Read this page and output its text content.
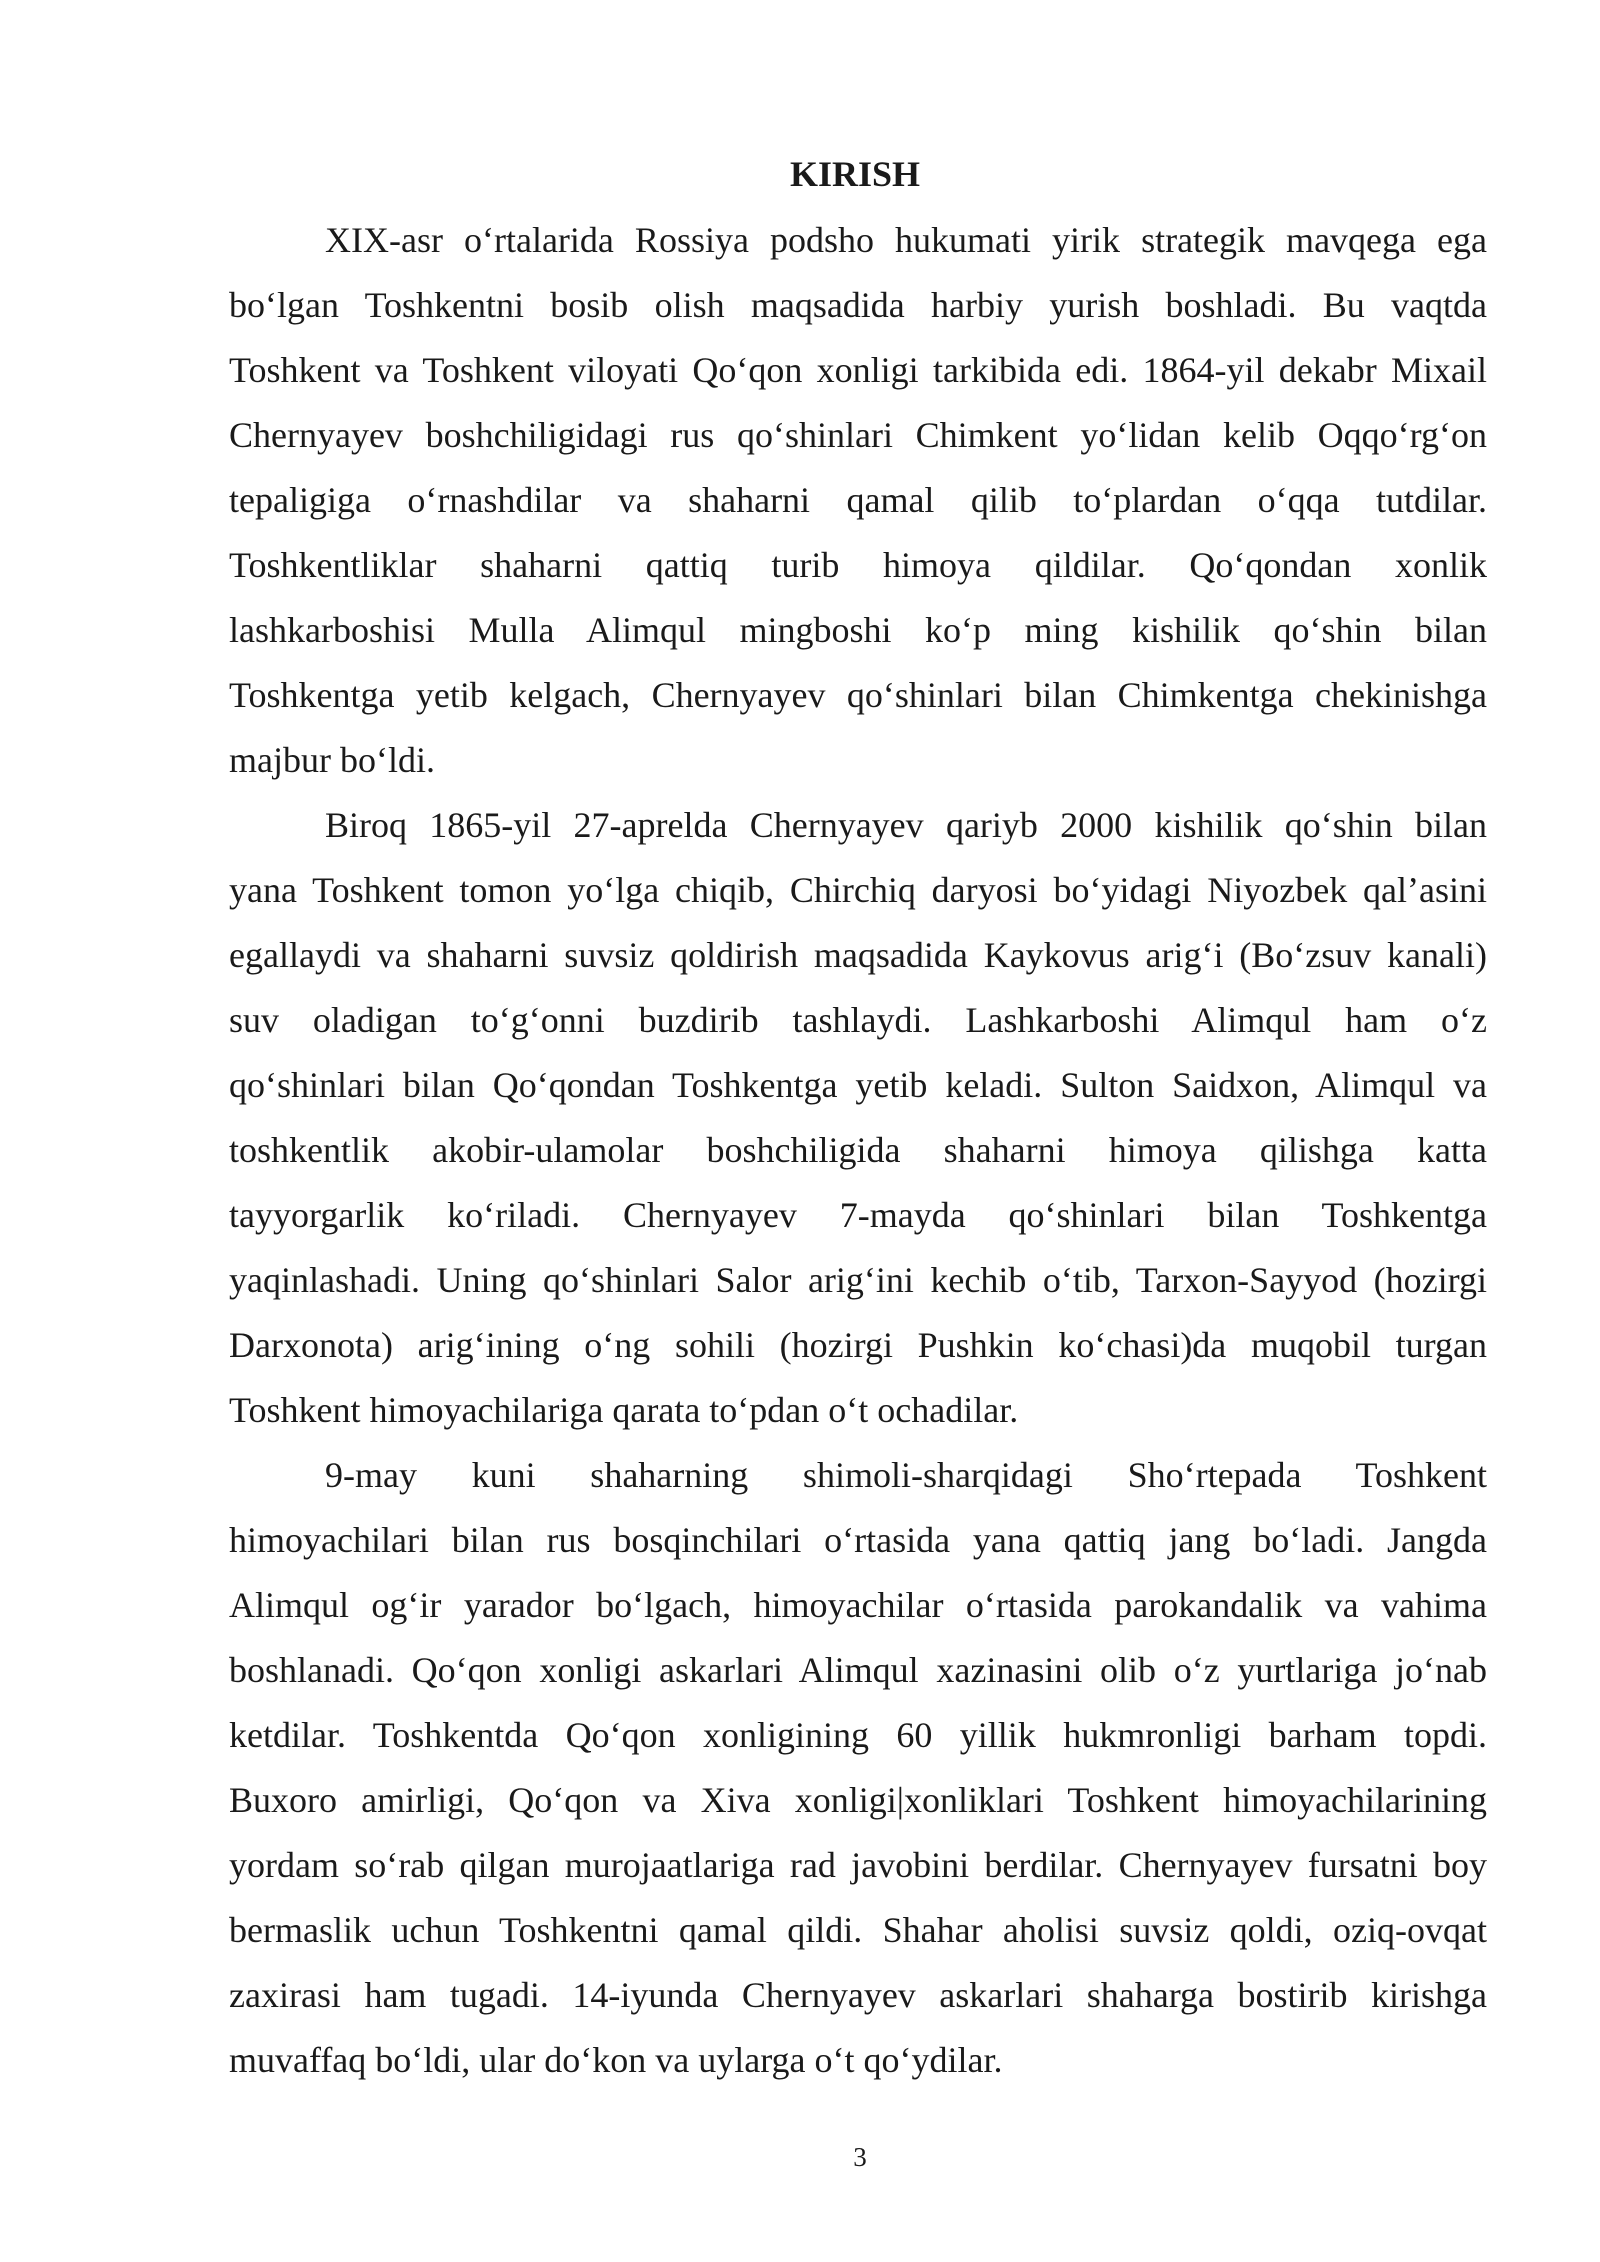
KIRISH
XIX-asr oʻrtalarida Rossiya podsho hukumati yirik strategik mavqega ega
boʻlgan Toshkentni bosib olish maqsadida harbiy yurish boshladi. Bu vaqtda
Toshkent va Toshkent viloyati Qoʻqon xonligi tarkibida edi. 1864-yil dekabr Mixail
Chernyayev boshchiligidagi rus qoʻshinlari Chimkent yoʻlidan kelib Oqqoʻrgʻon
tepaligiga oʻrnashdilar va shaharni qamal qilib toʻplardan oʻqqa tutdilar.
Toshkentliklar shaharni qattiq turib himoya qildilar. Qoʻqondan xonlik
lashkarboshisi Mulla Alimqul mingboshi koʻp ming kishilik qoʻshin bilan
Toshkentga yetib kelgach, Chernyayev qoʻshinlari bilan Chimkentga chekinishga
majbur boʻldi.
Biroq 1865-yil 27-aprelda Chernyayev qariyb 2000 kishilik qoʻshin bilan
yana Toshkent tomon yoʻlga chiqib, Chirchiq daryosi boʻyidagi Niyozbek qalʼasini
egallaydi va shaharni suvsiz qoldirish maqsadida Kaykovus arigʻi (Boʻzsuv kanali)
suv oladigan toʻgʻonni buzdirib tashlaydi. Lashkarboshi Alimqul ham oʻz
qoʻshinlari bilan Qoʻqondan Toshkentga yetib keladi. Sulton Saidxon, Alimqul va
toshkentlik akobir-ulamolar boshchiligida shaharni himoya qilishga katta
tayyorgarlik koʻriladi. Chernyayev 7-mayda qoʻshinlari bilan Toshkentga
yaqinlashadi. Uning qoʻshinlari Salor arigʻini kechib oʻtib, Tarxon-Sayyod (hozirgi
Darxonota) arigʻining oʻng sohili (hozirgi Pushkin koʻchasi)da muqobil turgan
Toshkent himoyachilariga qarata toʻpdan oʻt ochadilar.
9-may kuni shaharning shimoli-sharqidagi Shoʻrtepada Toshkent
himoyachilari bilan rus bosqinchilari oʻrtasida yana qattiq jang boʻladi. Jangda
Alimqul ogʻir yarador boʻlgach, himoyachilar oʻrtasida parokandalik va vahima
boshlanadi. Qoʻqon xonligi askarlari Alimqul xazinasini olib oʻz yurtlariga joʻnab
ketdilar. Toshkentda Qoʻqon xonligining 60 yillik hukmronligi barham topdi.
Buxoro amirligi, Qoʻqon va Xiva xonligi|xonliklari Toshkent himoyachilarining
yordam soʻrab qilgan murojaatlariga rad javobini berdilar. Chernyayev fursatni boy
bermaslik uchun Toshkentni qamal qildi. Shahar aholisi suvsiz qoldi, oziq-ovqat
zaxirasi ham tugadi. 14-iyunda Chernyayev askarlari shaharga bostirib kirishga
muvaffaq boʻldi, ular doʻkon va uylarga oʻt qoʻydilar.
3
